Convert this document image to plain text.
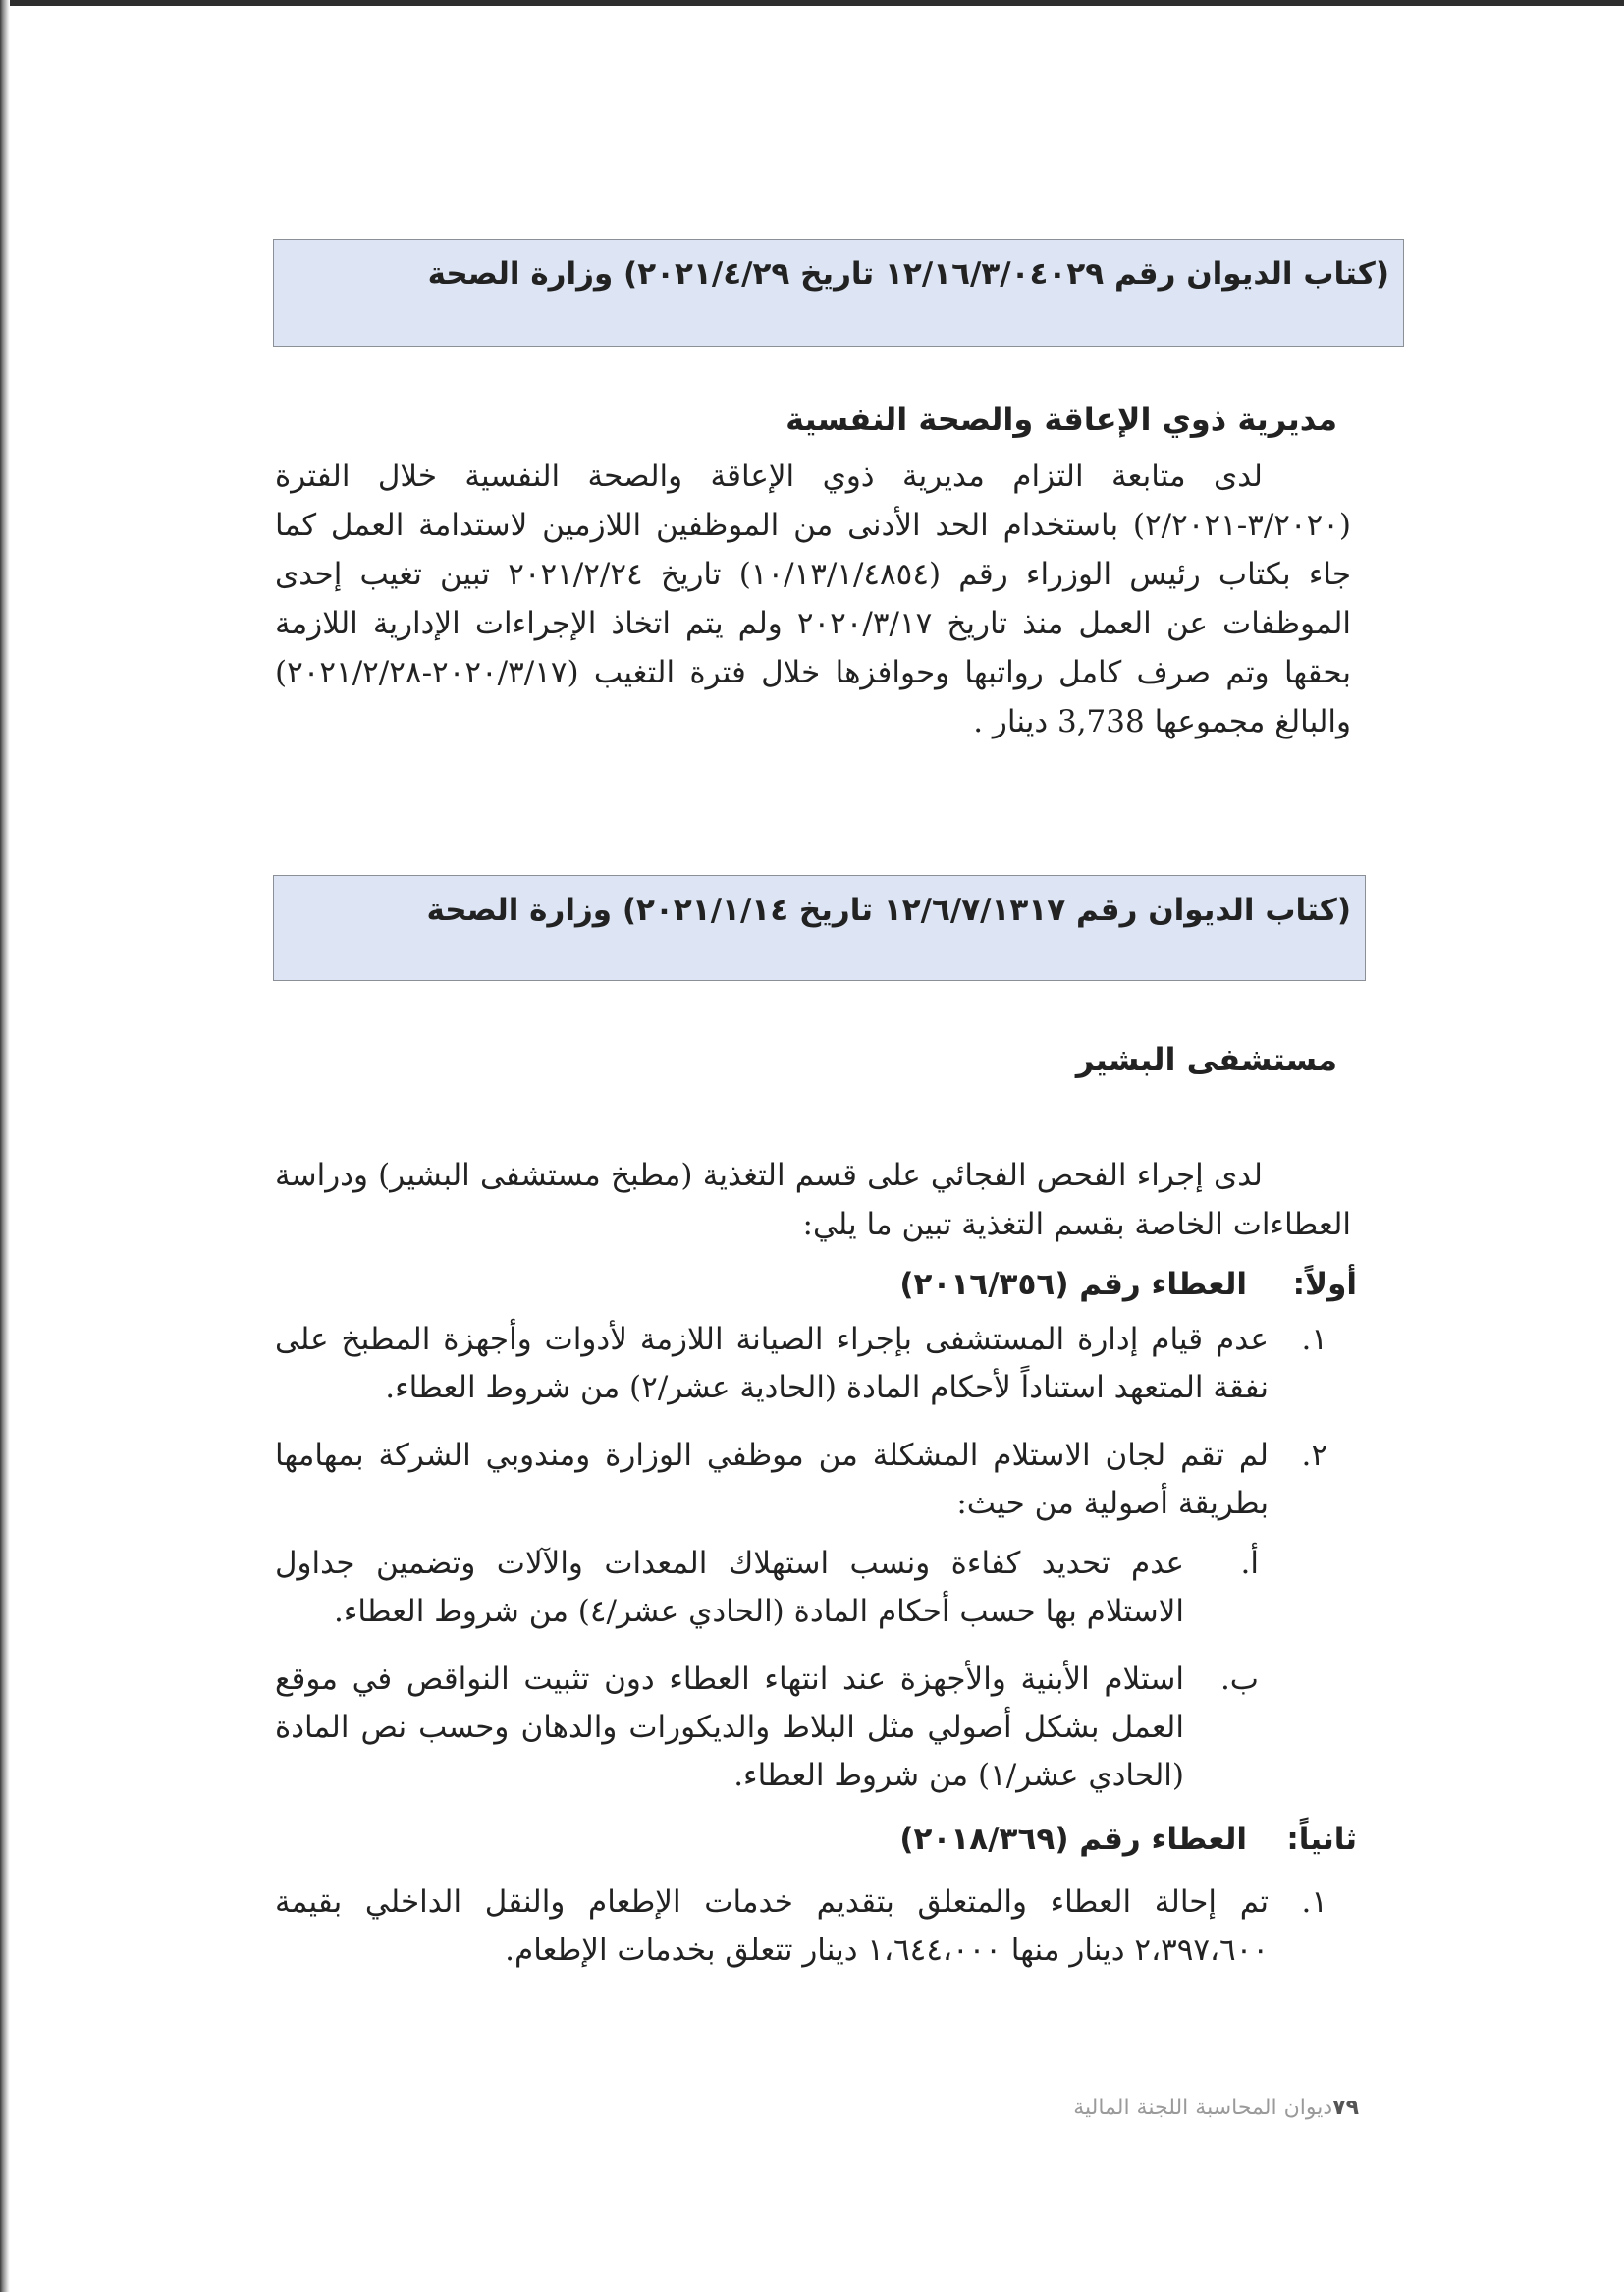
(كتاب الديوان رقم ١٢/١٦/٣/٠٤٠٢٩ تاريخ ٢٠٢١/٤/٢٩) وزارة الصحة
مديرية ذوي الإعاقة والصحة النفسية
لدى متابعة التزام مديرية ذوي الإعاقة والصحة النفسية خلال الفترة (٣/٢٠٢٠-٢/٢٠٢١) باستخدام الحد الأدنى من الموظفين اللازمين لاستدامة العمل كما جاء بكتاب رئيس الوزراء رقم (١٠/١٣/١/٤٨٥٤) تاريخ ٢٠٢١/٢/٢٤ تبين تغيب إحدى الموظفات عن العمل منذ تاريخ ٢٠٢٠/٣/١٧ ولم يتم اتخاذ الإجراءات الإدارية اللازمة بحقها وتم صرف كامل رواتبها وحوافزها خلال فترة التغيب (٢٠٢٠/٣/١٧-٢٠٢١/٢/٢٨) والبالغ مجموعها 3,738 دينار .
(كتاب الديوان رقم ١٢/٦/٧/١٣١٧ تاريخ ٢٠٢١/١/١٤) وزارة الصحة
مستشفى البشير
لدى إجراء الفحص الفجائي على قسم التغذية (مطبخ مستشفى البشير) ودراسة العطاءات الخاصة بقسم التغذية تبين ما يلي:
أولاً:العطاء رقم (٢٠١٦/٣٥٦)
١.
عدم قيام إدارة المستشفى بإجراء الصيانة اللازمة لأدوات وأجهزة المطبخ على نفقة المتعهد استناداً لأحكام المادة (الحادية عشر/٢) من شروط العطاء.
٢.
لم تقم لجان الاستلام المشكلة من موظفي الوزارة ومندوبي الشركة بمهامها بطريقة أصولية من حيث:
أ.
عدم تحديد كفاءة ونسب استهلاك المعدات والآلات وتضمين جداول الاستلام بها حسب أحكام المادة (الحادي عشر/٤) من شروط العطاء.
ب.
استلام الأبنية والأجهزة عند انتهاء العطاء دون تثبيت النواقص في موقع العمل بشكل أصولي مثل البلاط والديكورات والدهان وحسب نص المادة (الحادي عشر/١) من شروط العطاء.
ثانياً:العطاء رقم (٢٠١٨/٣٦٩)
١.
تم إحالة العطاء والمتعلق بتقديم خدمات الإطعام والنقل الداخلي بقيمة ٢،٣٩٧،٦٠٠ دينار منها ١،٦٤٤،٠٠٠ دينار تتعلق بخدمات الإطعام.
٧٩ديوان المحاسبة اللجنة المالية
